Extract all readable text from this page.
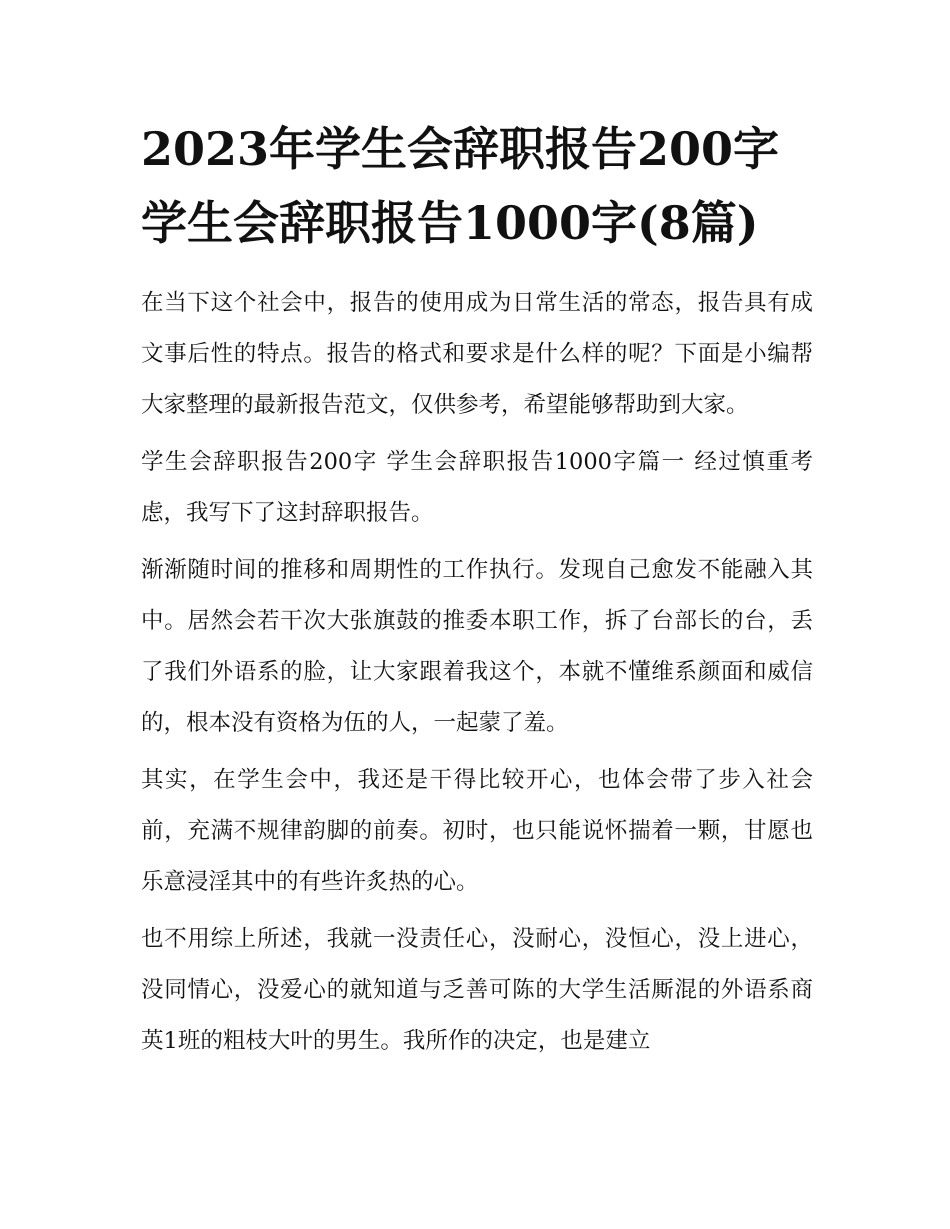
2023年学生会辞职报告200字 学生会辞职报告1000字(8篇)

在当下这个社会中，报告的使用成为日常生活的常态，报告具有成文事后性的特点。报告的格式和要求是什么样的呢？下面是小编帮大家整理的最新报告范文，仅供参考，希望能够帮助到大家。

学生会辞职报告200字 学生会辞职报告1000字篇一 经过慎重考虑，我写下了这封辞职报告。

渐渐随时间的推移和周期性的工作执行。发现自己愈发不能融入其中。居然会若干次大张旗鼓的推委本职工作，拆了台部长的台，丢了我们外语系的脸，让大家跟着我这个，本就不懂维系颜面和威信的，根本没有资格为伍的人，一起蒙了羞。

其实，在学生会中，我还是干得比较开心，也体会带了步入社会前，充满不规律韵脚的前奏。初时，也只能说怀揣着一颗，甘愿也乐意浸淫其中的有些许炙热的心。

也不用综上所述，我就一没责任心，没耐心，没恒心，没上进心，没同情心，没爱心的就知道与乏善可陈的大学生活厮混的外语系商英1班的粗枝大叶的男生。我所作的决定，也是建立
